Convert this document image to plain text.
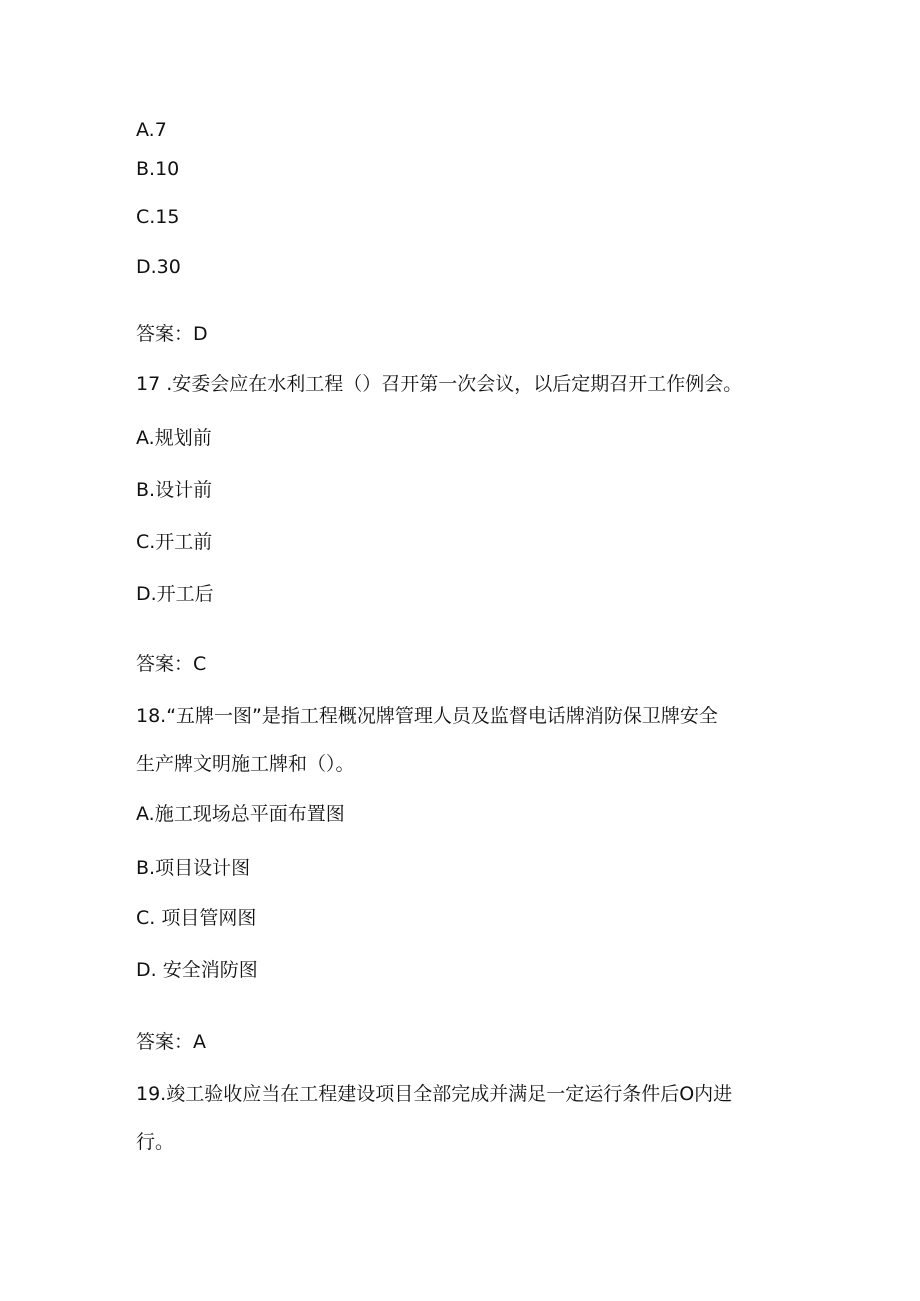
A.7
B.10
C.15
D.30
答案：D
17 .安委会应在水利工程（）召开第一次会议，以后定期召开工作例会。
A.规划前
B.设计前
C.开工前
D.开工后
答案：C
18.“五牌一图”是指工程概况牌管理人员及监督电话牌消防保卫牌安全
生产牌文明施工牌和（）。
A.施工现场总平面布置图
B.项目设计图
C. 项目管网图
D. 安全消防图
答案：A
19.竣工验收应当在工程建设项目全部完成并满足一定运行条件后O内进
行。
